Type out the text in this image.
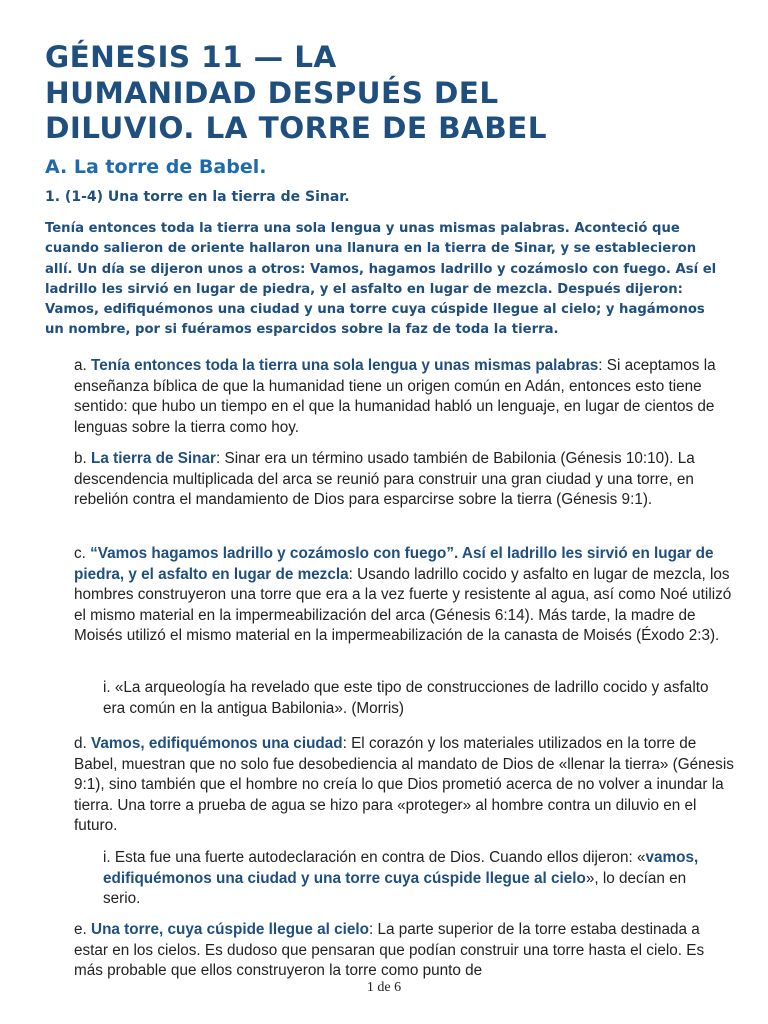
GÉNESIS 11 — LA
HUMANIDAD DESPUÉS DEL
DILUVIO. LA TORRE DE BABEL
A. La torre de Babel.
1. (1-4) Una torre en la tierra de Sinar.

Tenía entonces toda la tierra una sola lengua y unas mismas palabras. Aconteció que cuando salieron de oriente hallaron una llanura en la tierra de Sinar, y se establecieron allí. Un día se dijeron unos a otros: Vamos, hagamos ladrillo y cozámoslo con fuego. Así el ladrillo les sirvió en lugar de piedra, y el asfalto en lugar de mezcla. Después dijeron: Vamos, edifiquémonos una ciudad y una torre cuya cúspide llegue al cielo; y hagámonos un nombre, por si fuéramos esparcidos sobre la faz de toda la tierra.

a. Tenía entonces toda la tierra una sola lengua y unas mismas palabras: Si aceptamos la enseñanza bíblica de que la humanidad tiene un origen común en Adán, entonces esto tiene sentido: que hubo un tiempo en el que la humanidad habló un lenguaje, en lugar de cientos de lenguas sobre la tierra como hoy.

b. La tierra de Sinar: Sinar era un término usado también de Babilonia (Génesis 10:10). La descendencia multiplicada del arca se reunió para construir una gran ciudad y una torre, en rebelión contra el mandamiento de Dios para esparcirse sobre la tierra (Génesis 9:1).

c. “Vamos hagamos ladrillo y cozámoslo con fuego”. Así el ladrillo les sirvió en lugar de piedra, y el asfalto en lugar de mezcla: Usando ladrillo cocido y asfalto en lugar de mezcla, los hombres construyeron una torre que era a la vez fuerte y resistente al agua, así como Noé utilizó el mismo material en la impermeabilización del arca (Génesis 6:14). Más tarde, la madre de Moisés utilizó el mismo material en la impermeabilización de la canasta de Moisés (Éxodo 2:3).

i. «La arqueología ha revelado que este tipo de construcciones de ladrillo cocido y asfalto era común en la antigua Babilonia». (Morris)

d. Vamos, edifiquémonos una ciudad: El corazón y los materiales utilizados en la torre de Babel, muestran que no solo fue desobediencia al mandato de Dios de «llenar la tierra» (Génesis 9:1), sino también que el hombre no creía lo que Dios prometió acerca de no volver a inundar la tierra. Una torre a prueba de agua se hizo para «proteger» al hombre contra un diluvio en el futuro.

i. Esta fue una fuerte autodeclaración en contra de Dios. Cuando ellos dijeron: «vamos, edifiquémonos una ciudad y una torre cuya cúspide llegue al cielo», lo decían en serio.

e. Una torre, cuya cúspide llegue al cielo: La parte superior de la torre estaba destinada a estar en los cielos. Es dudoso que pensaran que podían construir una torre hasta el cielo. Es más probable que ellos construyeron la torre como punto de

1 de 6
